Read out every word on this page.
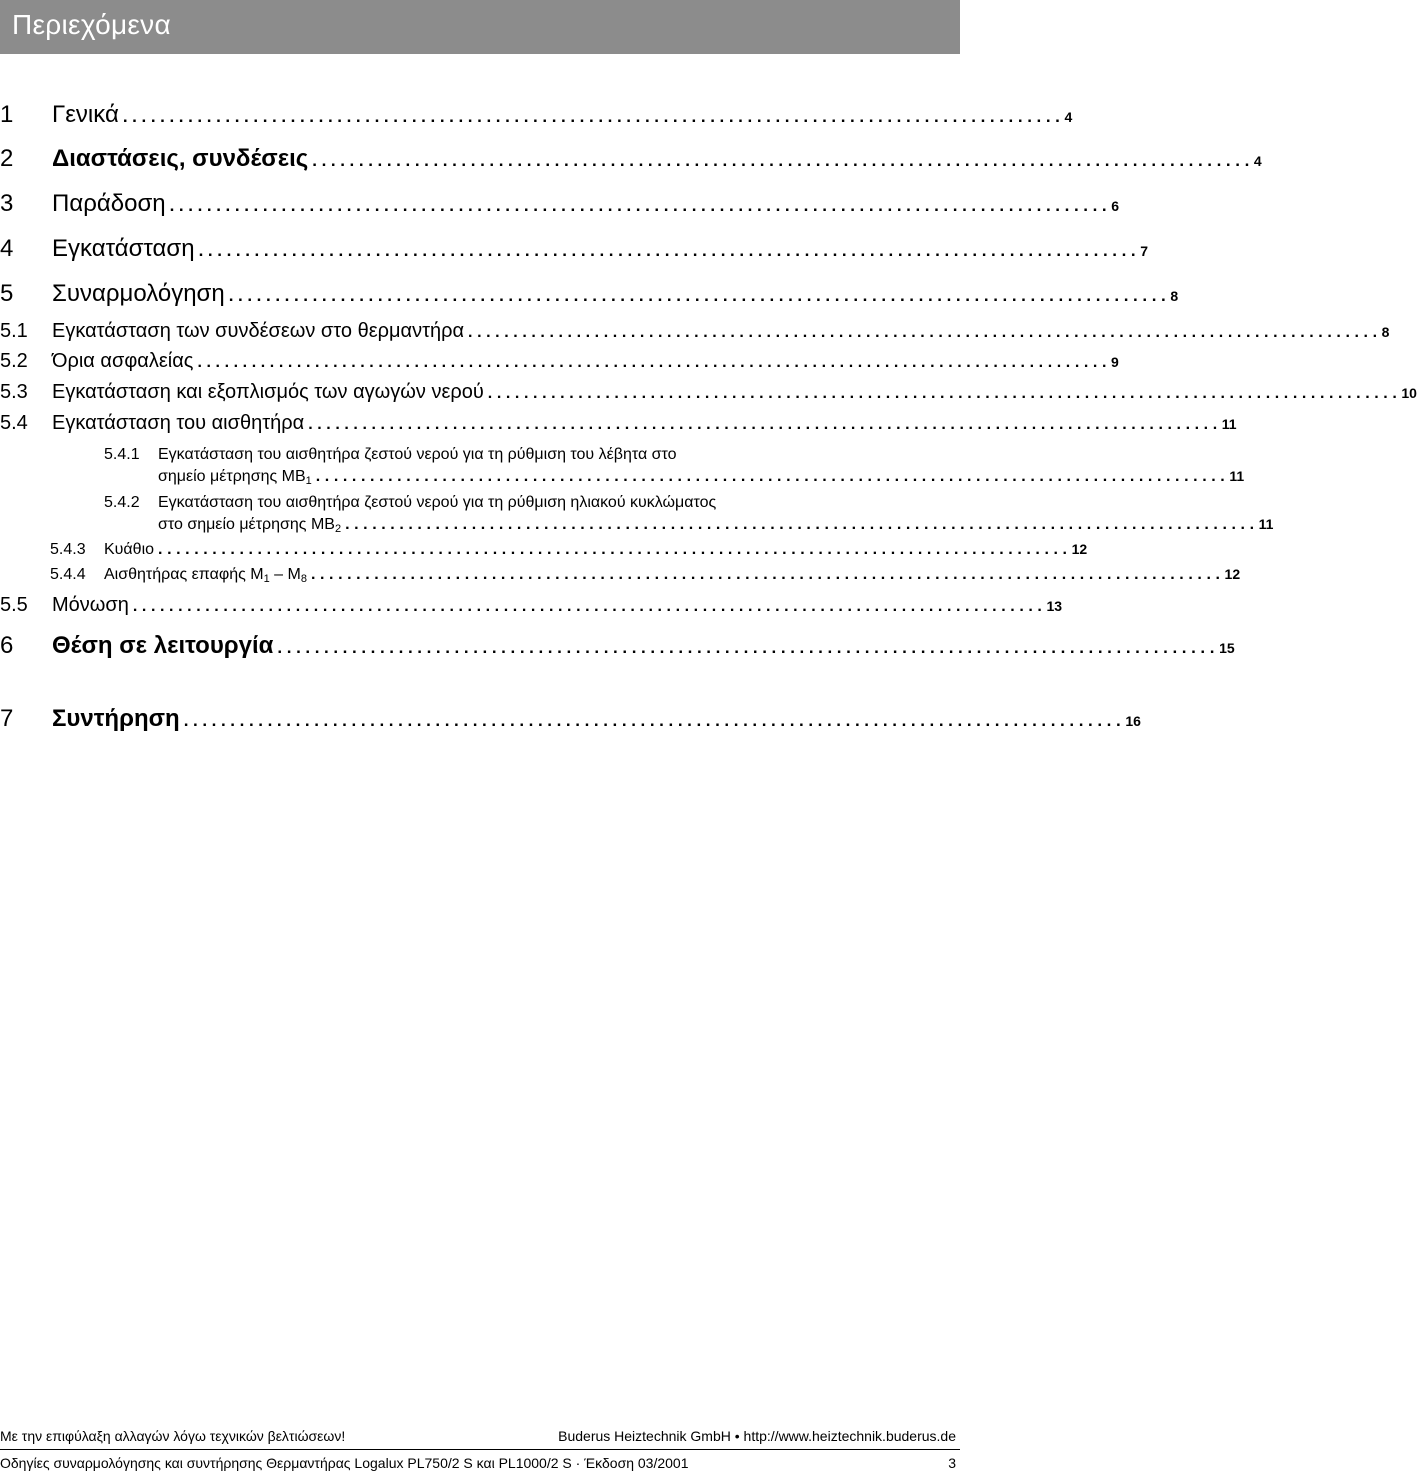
Περιεχόμενα
1	Γενικά ..................................................................................................... 4
2	Διαστάσεις, συνδέσεις ..................................................................................................... 4
3	Παράδοση ..................................................................................................... 6
4	Εγκατάσταση ..................................................................................................... 7
5	Συναρμολόγηση ..................................................................................................... 8
5.1	Εγκατάσταση των συνδέσεων στο θερμαντήρα ..................................................................................................... 8
5.2	Όρια ασφαλείας ..................................................................................................... 9
5.3	Εγκατάσταση και εξοπλισμός των αγωγών νερού ..................................................................................................... 10
5.4	Εγκατάσταση του αισθητήρα ..................................................................................................... 11
5.4.1 Εγκατάσταση του αισθητήρα ζεστού νερού για τη ρύθμιση του λέβητα στο
σημείο μέτρησης $MB_1$ ..................................................................................................... 11
5.4.2 Εγκατάσταση του αισθητήρα ζεστού νερού για τη ρύθμιση ηλιακού κυκλώματος
στο σημείο μέτρησης $MB_2$ ..................................................................................................... 11
5.4.3	Κυάθιο ..................................................................................................... 12
5.4.4	Αισθητήρας επαφής $M_1 - M_8$ ..................................................................................................... 12
5.5	Μόνωση ..................................................................................................... 13
6	Θέση σε λειτουργία ..................................................................................................... 15
7	Συντήρηση ..................................................................................................... 16
Με την επιφύλαξη αλλαγών λόγω τεχνικών βελτιώσεων!	Buderus Heiztechnik GmbH • http://www.heiztechnik.buderus.de
Οδηγίες συναρμολόγησης και συντήρησης Θερμαντήρας Logalux PL750/2 S και PL1000/2 S · Έκδοση 03/2001	3
